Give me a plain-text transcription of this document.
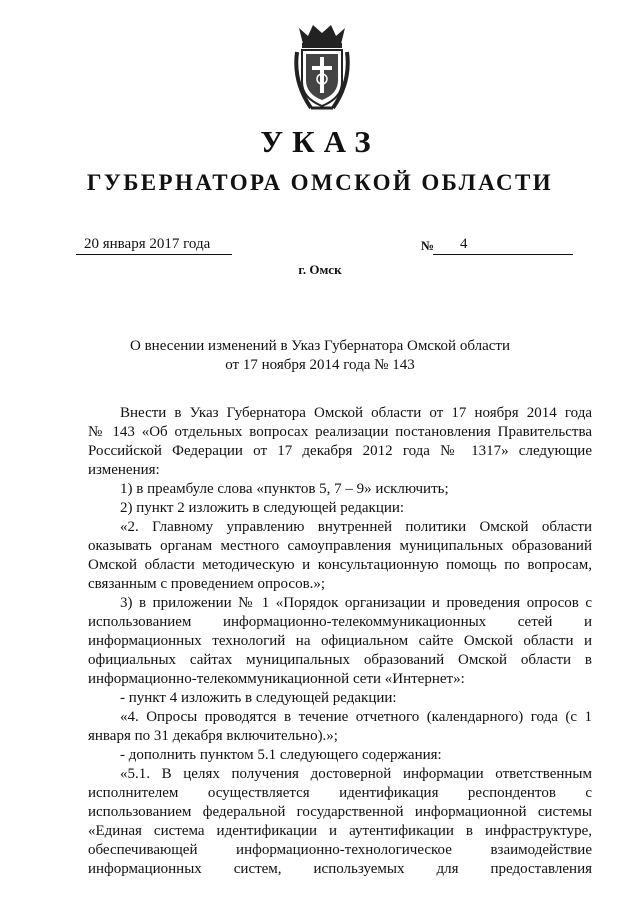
УКАЗ
ГУБЕРНАТОРА ОМСКОЙ ОБЛАСТИ
20 января 2017 года	№	4
г. Омск
О внесении изменений в Указ Губернатора Омской области
от 17 ноября 2014 года № 143
Внести в Указ Губернатора Омской области от 17 ноября 2014 года
№ 143 «Об отдельных вопросах реализации постановления Правительства
Российской Федерации от 17 декабря 2012 года № 1317» следующие
изменения:
1) в преамбуле слова «пунктов 5, 7 – 9» исключить;
2) пункт 2 изложить в следующей редакции:
«2. Главному управлению внутренней политики Омской области
оказывать органам местного самоуправления муниципальных образований
Омской области методическую и консультационную помощь по вопросам,
связанным с проведением опросов.»;
3) в приложении № 1 «Порядок организации и проведения опросов с
использованием информационно-телекоммуникационных сетей и
информационных технологий на официальном сайте Омской области и
официальных сайтах муниципальных образований Омской области в
информационно-телекоммуникационной сети «Интернет»:
- пункт 4 изложить в следующей редакции:
«4. Опросы проводятся в течение отчетного (календарного) года (с 1
января по 31 декабря включительно).»;
- дополнить пунктом 5.1 следующего содержания:
«5.1. В целях получения достоверной информации ответственным
исполнителем осуществляется идентификация респондентов с
использованием федеральной государственной информационной системы
«Единая система идентификации и аутентификации в инфраструктуре,
обеспечивающей информационно-технологическое взаимодействие
информационных систем, используемых для предоставления
